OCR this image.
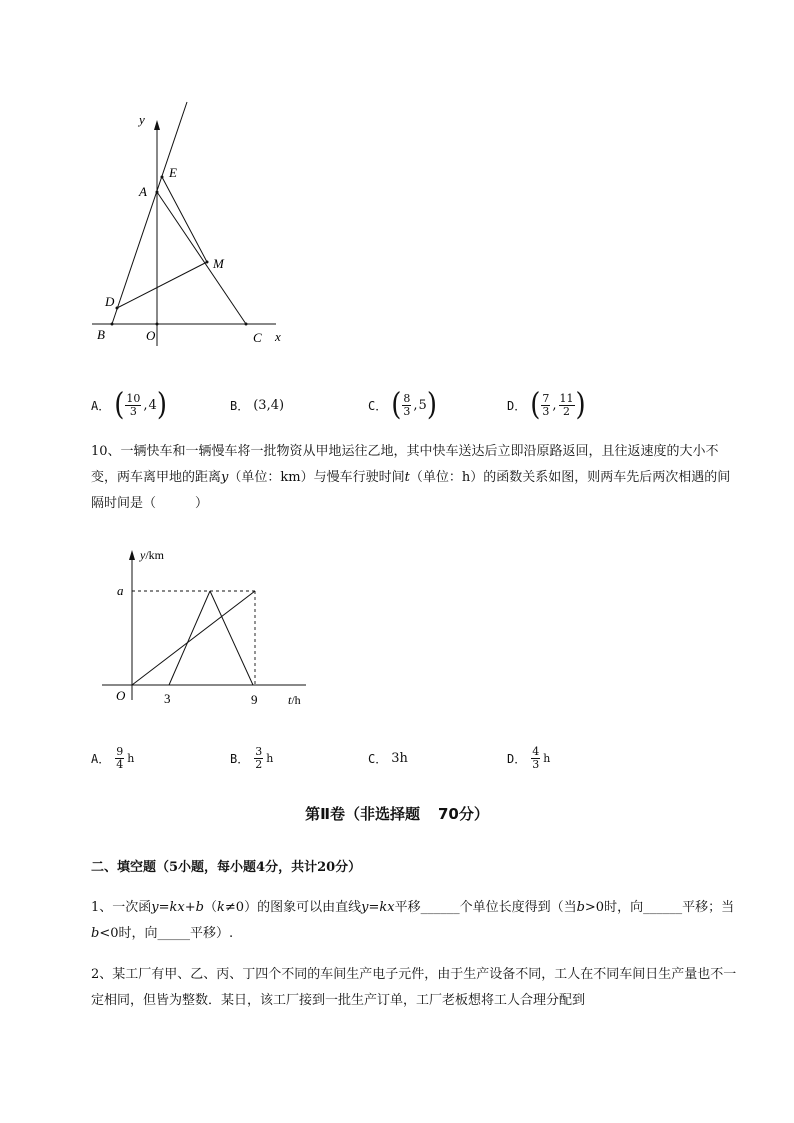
y
x
A
E
M
D
B	O	C
A． ( $\frac{10}{3}$ , 4 )	B． (3,4)	C． ( $\frac{8}{3}$ , 5 )	D． ( $\frac{7}{3}$ , $\frac{11}{2}$ )
10、一辆快车和一辆慢车将一批物资从甲地运往乙地，其中快车送达后立即沿原路返回，且往返速度的大小不变，两车离甲地的距离y（单位：km）与慢车行驶时间t（单位：h）的函数关系如图，则两车先后两次相遇的间隔时间是（　　　）
y/km
a
O	3	9	t/h
A． $\frac{9}{4}$ h	B． $\frac{3}{2}$ h	C． 3h	D． $\frac{4}{3}$ h
第Ⅱ卷（非选择题 70分）
二、填空题（5小题，每小题4分，共计20分）
1、一次函y=kx+b（k≠0）的图象可以由直线y=kx平移______个单位长度得到（当b>0时，向______平移；当b<0时，向_____平移）.
2、某工厂有甲、乙、丙、丁四个不同的车间生产电子元件，由于生产设备不同，工人在不同车间日生产量也不一定相同，但皆为整数．某日，该工厂接到一批生产订单，工厂老板想将工人合理分配到
